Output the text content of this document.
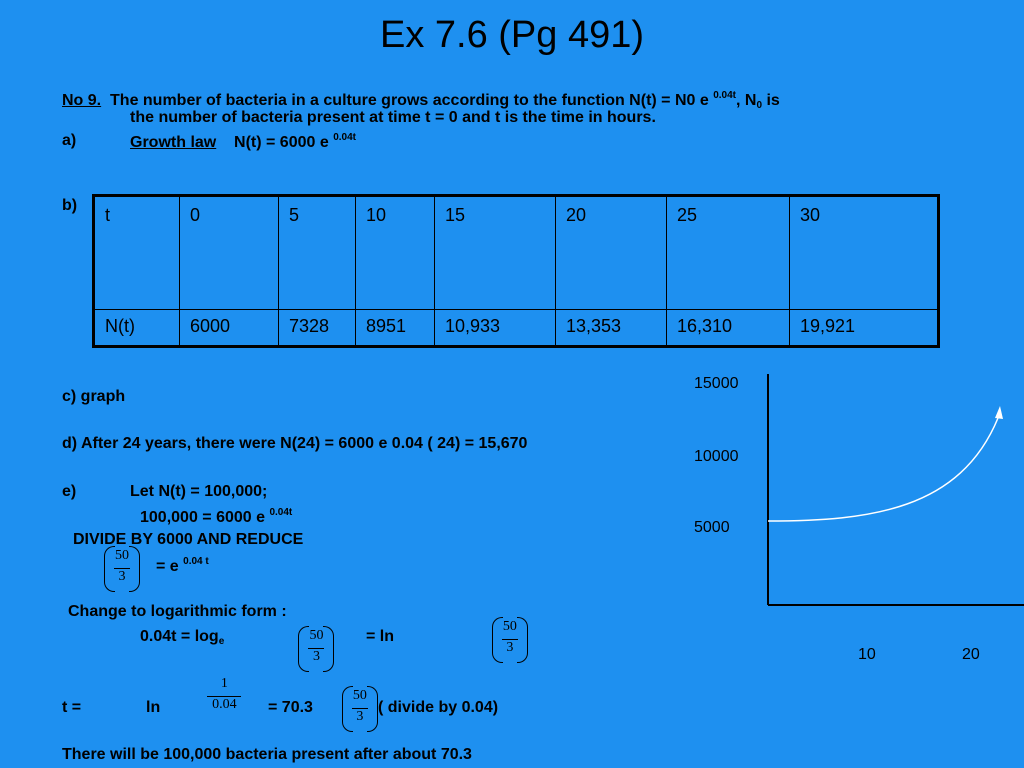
Ex 7.6 (Pg 491)
No 9. The number of bacteria in a culture grows according to the function N(t) = N0 e $^{0.04t}$, $N_0$ is
the number of bacteria present at time t = 0 and t is the time in hours.
a)	Growth law N(t) = 6000 e $^{0.04t}$
b) t	0	5	10	15	20	25	30
N(t)	6000	7328	8951	10,933	13,353	16,310	19,921
c) graph
d) After 24 years, there were N(24) = 6000 e 0.04 ( 24) = 15,670
e)	Let N(t) = 100,000;
100,000 = 6000 e $^{0.04t}$
DIVIDE BY 6000 AND REDUCE
$\frac{50}{3}$
= e $^{0.04 t}$
Change to logarithmic form :
$0.04t = \log_e$	$\frac{50}{3}$
= ln	$\frac{50}{3}$

t =	$\frac{1}{0.04}$

ln	$\frac{50}{3}$
= 70.3	( divide by 0.04)
There will be 100,000 bacteria present after about 70.3
15000
10000
5000
10	20
